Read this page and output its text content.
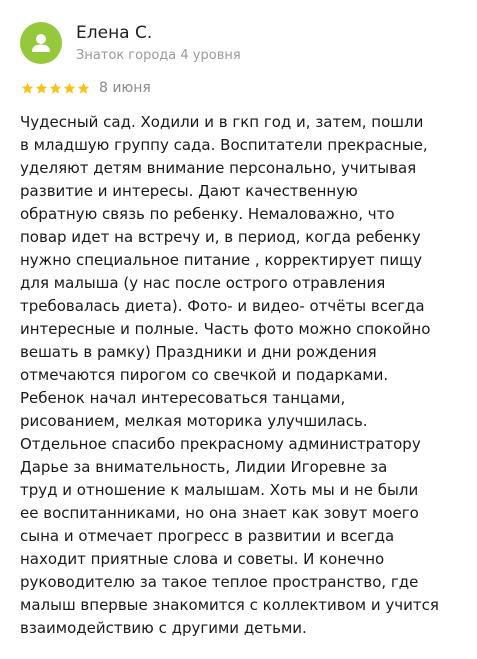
Елена С.
Знаток города 4 уровня
8 июня
Чудесный сад. Ходили и в гкп год и, затем, пошли
в младшую группу сада. Воспитатели прекрасные,
уделяют детям внимание персонально, учитывая
развитие и интересы. Дают качественную
обратную связь по ребенку. Немаловажно, что
повар идет на встречу и, в период, когда ребенку
нужно специальное питание , корректирует пищу
для малыша (у нас после острого отравления
требовалась диета). Фото- и видео- отчёты всегда
интересные и полные. Часть фото можно спокойно
вешать в рамку) Праздники и дни рождения
отмечаются пирогом со свечкой и подарками.
Ребенок начал интересоваться танцами,
рисованием, мелкая моторика улучшилась.
Отдельное спасибо прекрасному администратору
Дарье за внимательность, Лидии Игоревне за
труд и отношение к малышам. Хоть мы и не были
ее воспитанниками, но она знает как зовут моего
сына и отмечает прогресс в развитии и всегда
находит приятные слова и советы. И конечно
руководителю за такое теплое пространство, где
малыш впервые знакомится с коллективом и учится
взаимодействию с другими детьми.
